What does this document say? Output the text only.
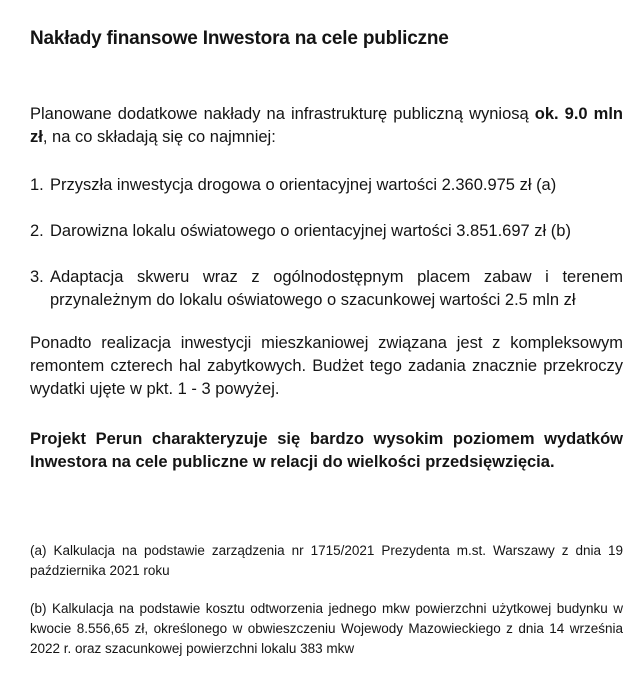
Nakłady finansowe Inwestora na cele publiczne
Planowane dodatkowe nakłady na infrastrukturę publiczną wyniosą ok. 9.0 mln zł, na co składają się co najmniej:
1. Przyszła inwestycja drogowa o orientacyjnej wartości 2.360.975 zł (a)
2. Darowizna lokalu oświatowego o orientacyjnej wartości 3.851.697 zł (b)
3. Adaptacja skweru wraz z ogólnodostępnym placem zabaw i terenem przynależnym do lokalu oświatowego o szacunkowej wartości 2.5 mln zł
Ponadto realizacja inwestycji mieszkaniowej związana jest z kompleksowym remontem czterech hal zabytkowych. Budżet tego zadania znacznie przekroczy wydatki ujęte w pkt. 1 - 3 powyżej.
Projekt Perun charakteryzuje się bardzo wysokim poziomem wydatków Inwestora na cele publiczne w relacji do wielkości przedsięwzięcia.
(a) Kalkulacja na podstawie zarządzenia nr 1715/2021 Prezydenta m.st. Warszawy z dnia 19 października 2021 roku
(b) Kalkulacja na podstawie kosztu odtworzenia jednego mkw powierzchni użytkowej budynku w kwocie 8.556,65 zł, określonego w obwieszczeniu Wojewody Mazowieckiego z dnia 14 września 2022 r. oraz szacunkowej powierzchni lokalu 383 mkw
